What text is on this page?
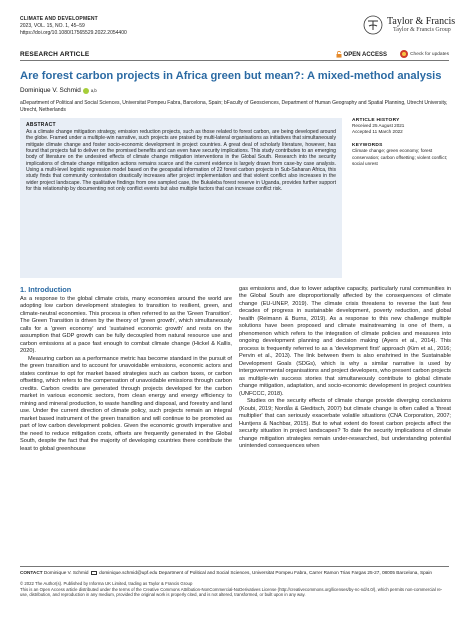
CLIMATE AND DEVELOPMENT
2023, VOL. 15, NO. 1, 45–59
https://doi.org/10.1080/17565529.2022.2054400
Taylor & Francis
Taylor & Francis Group
RESEARCH ARTICLE	OPEN ACCESS	Check for updates
Are forest carbon projects in Africa green but mean?: A mixed-method analysis
Dominique V. Schmid a,b
aDepartment of Political and Social Sciences, Universitat Pompeu Fabra, Barcelona, Spain; bFaculty of Geosciences, Department of Human Geography and Spatial Planning, Utrecht University, Utrecht, Netherlands
ABSTRACT
As a climate change mitigation strategy, emission reduction projects, such as those related to forest carbon, are being developed around the globe. Framed under a multiple-win narrative, such projects are praised by multi-lateral organisations as initiatives that simultaneously mitigate climate change and foster socio-economic development in project countries. A great deal of scholarly literature, however, has found that projects fail to deliver on the promised benefits and can even have security implications. This study contributes to an emerging body of literature on the undesired effects of climate change mitigation interventions in the Global South. Research into the security implications of climate change mitigation actions remains scarce and the current evidence is largely drawn from case-by case analysis. Using a multi-level logistic regression model based on the geospatial information of 22 forest carbon projects in Sub-Saharan Africa, this study finds that community contestation drastically increases after project implementation and that violent conflict also increases in the wider project landscape. The qualitative findings from one sampled case, the Bukaleba forest reserve in Uganda, provides further support for this relationship by documenting not only conflict events but also multiple factors that can increase conflict risk.
ARTICLE HISTORY
Received 25 August 2021
Accepted 11 March 2022
KEYWORDS
Climate change; green economy; forest conservation; carbon offsetting; violent conflict; social unrest
1. Introduction

As a response to the global climate crisis, many economies around the world are adopting low carbon development strategies to transition to resilient, green, and climate-neutral economies. This process is often referred to as the 'Green Transition'. The Green Transition is driven by the theory of 'green growth', which simultaneously calls for a 'green economy' and 'sustained economic growth' and rests on the assumption that GDP growth can be fully decoupled from natural resource use and carbon emissions at a pace fast enough to combat climate change (Hickel & Kallis, 2020).

Measuring carbon as a performance metric has become standard in the pursuit of the green transition and to account for unavoidable emissions, economic actors and states continue to opt for market based strategies such as carbon taxes, or carbon offsetting, which refers to the compensation of unavoidable emissions through carbon credits. Carbon credits are generated through projects developed for the carbon market in various economic sectors, from clean energy and energy efficiency to mining and mineral production, to waste handling and disposal, and forestry and land use. Under the current direction of climate policy, such projects remain an integral market based instrument of the green transition and will continue to be promoted as part of low carbon development policies. Given the economic growth imperative and the need to reduce mitigation costs, offsets are frequently generated in the Global South, despite the fact that the majority of developing countries there contribute the least to global greenhouse

gas emissions and, due to lower adaptive capacity, particularly rural communities in the Global South are disproportionally affected by the consequences of climate change (EU-UNEP, 2019). The climate crisis threatens to reverse the last few decades of progress in sustainable development, poverty reduction, and global health (Reimann & Burns, 2019). As a response to this new challenge multiple solutions have been proposed and climate mainstreaming is one of them, a phenomenon which refers to the integration of climate policies and measures into ongoing development planning and decision making (Ayers et al., 2014). This process is frequently referred to as a 'development first' approach (Kim et al., 2016; Pervin et al., 2013). The link between them is also enshrined in the Sustainable Development Goals (SDGs), which is why a similar narrative is used by intergovernmental organisations and project developers, who present carbon projects as multiple-win success stories that simultaneously contribute to global climate change mitigation, adaptation, and socio-economic development in project countries (UNFCCC, 2018).

Studies on the security effects of climate change provide diverging conclusions (Koubi, 2019; Nordås & Gleditsch, 2007) but climate change is often called a 'threat multiplier' that can seriously exacerbate volatile situations (CNA Corporation, 2007; Huntjens & Nachbar, 2015). But to what extent do forest carbon projects affect the security situation in project landscapes? To date the security implications of climate change mitigation strategies remain under-researched, but understanding potential unintended consequences when

CONTACT Dominique V. Schmid dominique.schmid@upf.edu Department of Political and Social Sciences, Universitat Pompeu Fabra, Carrer Ramon Trias Fargas 25-27, 08005 Barcelona, Spain
© 2022 The Author(s). Published by Informa UK Limited, trading as Taylor & Francis Group
This is an Open Access article distributed under the terms of the Creative Commons Attribution-NonCommercial-NoDerivatives License (http://creativecommons.org/licenses/by-nc-nd/4.0/), which permits non-commercial re-use, distribution, and reproduction in any medium, provided the original work is properly cited, and is not altered, transformed, or built upon in any way.
